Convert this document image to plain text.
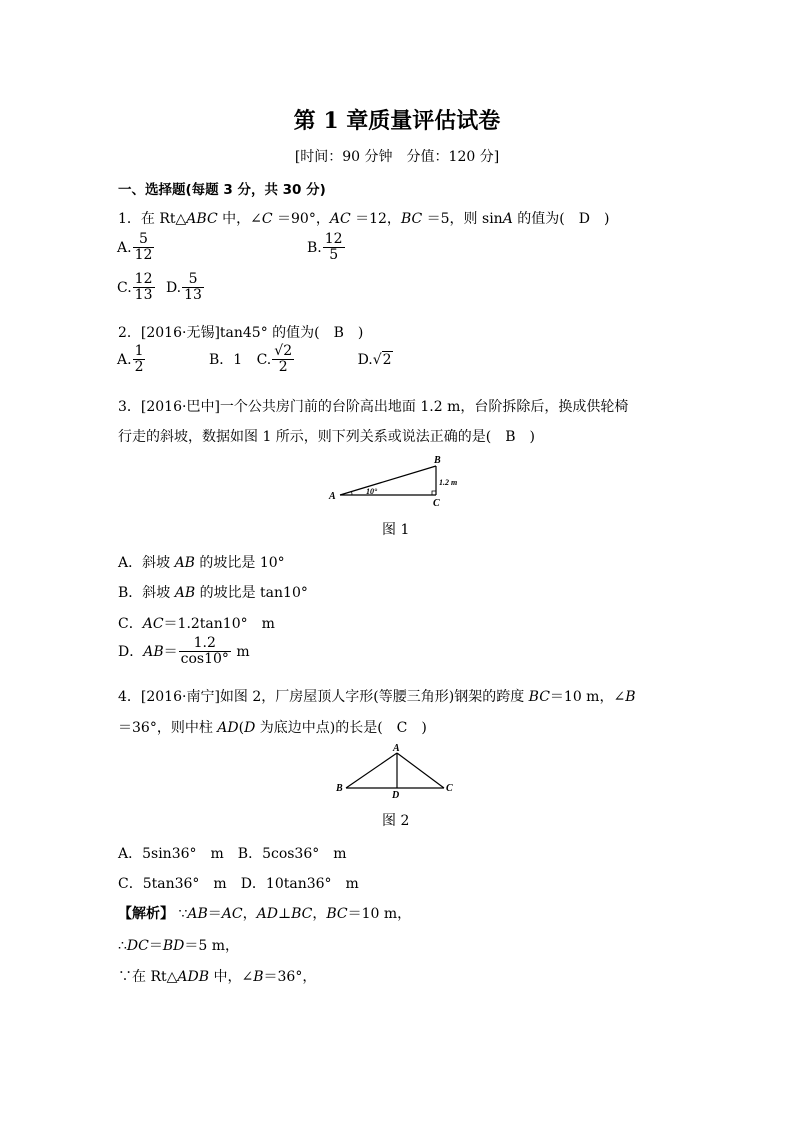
第 1 章质量评估试卷
[时间：90 分钟　分值：120 分]
一、选择题(每题 3 分，共 30 分)
1．在 Rt△ABC 中，∠C ＝90°，AC ＝12，BC ＝5，则 sinA 的值为(　D　)
A. $\frac{5}{12}$	B. $\frac{12}{5}$
C. $\frac{12}{13} D$. $\frac{5}{13}$
2．[2016·无锡]tan45° 的值为(　B　)
A. $\frac{1}{2}$	B．1 C. $\frac{√2}{2}$	D.√2
3．[2016·巴中]一个公共房门前的台阶高出地面 1.2 m，台阶拆除后，换成供轮椅
行走的斜坡，数据如图 1 所示，则下列关系或说法正确的是(　B　)
A
B
C
10°
1.2 m
图 1
A．斜坡 AB 的坡比是 10°
B．斜坡 AB 的坡比是 tan10°
C．AC＝1.2tan10°　m
D．$AB= \frac{1.2}{\cos 10^\circ}$ m
4．[2016·南宁]如图 2，厂房屋顶人字形(等腰三角形)钢架的跨度 BC＝10 m，∠B
＝36°，则中柱 AD(D 为底边中点)的长是(　C　)
A
B	C
D
图 2
A．5sin36°　m　B．5cos36°　m
C．5tan36°　m　D．10tan36°　m
【解析】 ∵AB＝AC，AD⊥BC，BC＝10 m，
∴DC＝BD＝5 m，
∵在 Rt△ADB 中，∠B＝36°，
